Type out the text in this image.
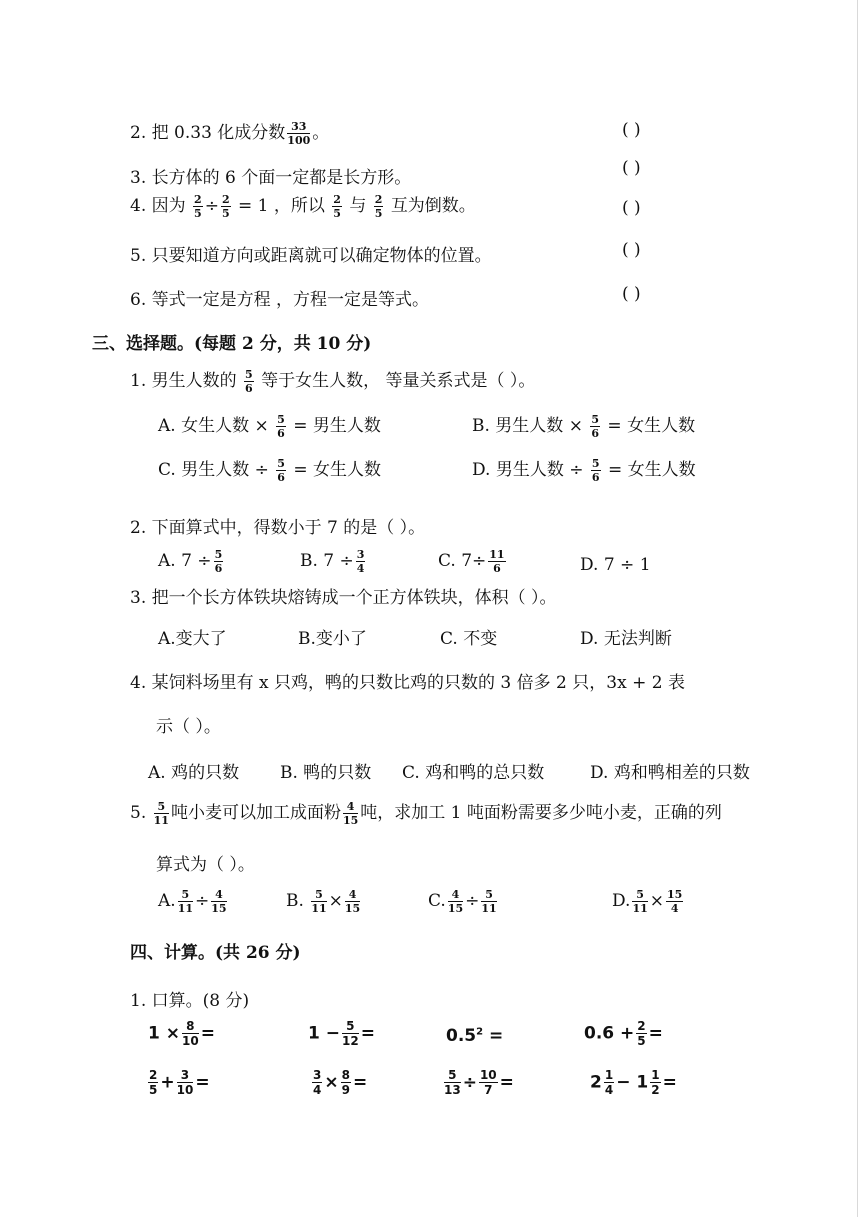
2. 把 0.33 化成分数 $\frac{33}{100}$ 。	( )
3. 长方体的 6 个面一定都是长方形。	( )
4. 因为 $\frac{2}{5} \div \frac{2}{5} = 1$ ，所以 $\frac{2}{5}$ 与 $\frac{2}{5}$ 互为倒数。	( )
5. 只要知道方向或距离就可以确定物体的位置。	( )
6. 等式一定是方程 ，方程一定是等式。	( )
三、选择题。(每题 2 分，共 10 分)
1. 男生人数的 $\frac{5}{6}$ 等于女生人数， 等量关系式是（ ）。
A. 女生人数 × $\frac{5}{6}$ = 男生人数	B. 男生人数 × $\frac{5}{6}$ = 女生人数
C. 男生人数 ÷ $\frac{5}{6}$ = 女生人数	D. 男生人数 ÷ $\frac{5}{6}$ = 女生人数
2. 下面算式中，得数小于 7 的是（ ）。
A. $7 \div \frac{5}{6}$	B. $7 \div \frac{3}{4}$	C. $7\div \frac{11}{6}$	D. 7 ÷ 1
3. 把一个长方体铁块熔铸成一个正方体铁块，体积（ ）。
A.变大了	B.变小了	C. 不变	D. 无法判断
4. 某饲料场里有 x 只鸡，鸭的只数比鸡的只数的 3 倍多 2 只，3x + 2 表
示（ ）。
A. 鸡的只数 B. 鸭的只数 C. 鸡和鸭的总只数	D. 鸡和鸭相差的只数
5. $\frac{5}{11}$ 吨小麦可以加工成面粉 $\frac{4}{15}$ 吨，求加工 1 吨面粉需要多少吨小麦，正确的列
算式为（ ）。
A. $\frac{5}{11} \div \frac{4}{15}$	B. $\frac{5}{11} \times \frac{4}{15}$	C. $\frac{4}{15} \div \frac{5}{11}$	D. $\frac{5}{11} \times \frac{15}{4}$
四、计算。(共 26 分)
1. 口算。(8 分)
$1 \times \frac{8}{10}$ =	$1 - \frac{5}{12}$ =	$0.5^2$ =	$0.6 + \frac{2}{5}$ =
$\frac{2}{5} + \frac{3}{10}$ =	$\frac{3}{4} \times \frac{8}{9}$ =	$\frac{5}{13} \div \frac{10}{7}$ =	$2 \frac{1}{4} - 1 \frac{1}{2}$ =
